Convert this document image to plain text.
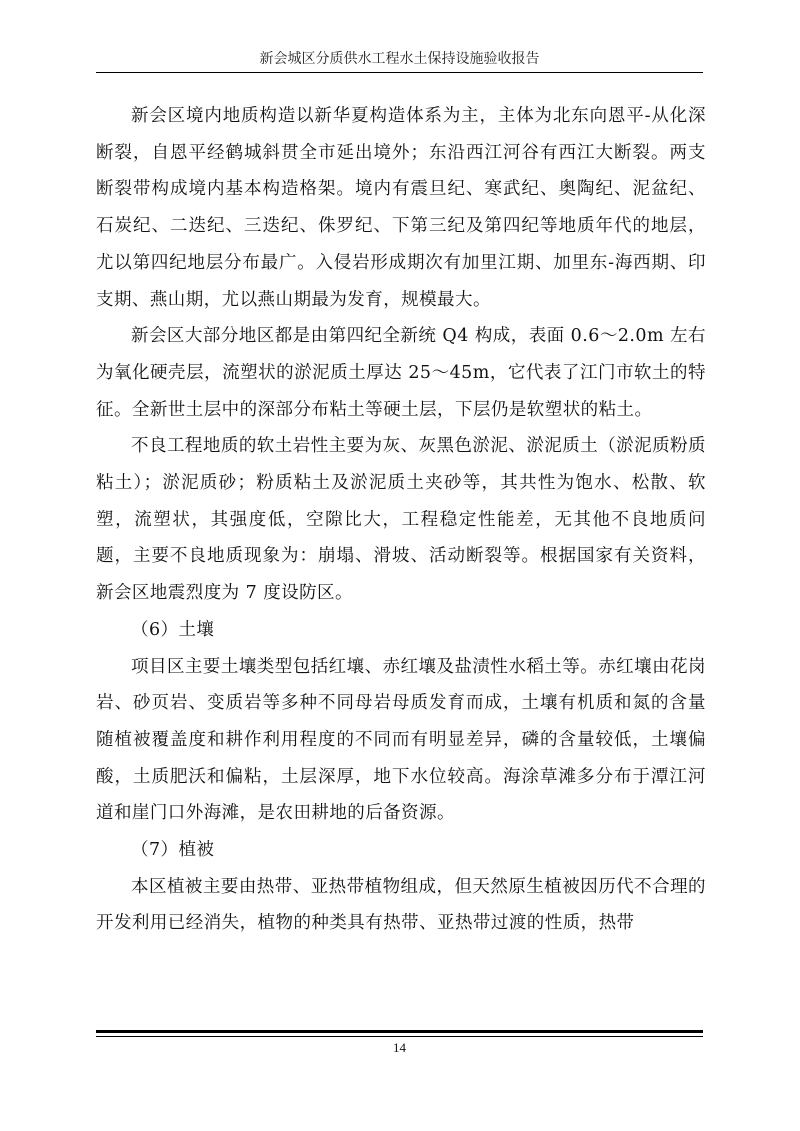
新会城区分质供水工程水土保持设施验收报告

新会区境内地质构造以新华夏构造体系为主，主体为北东向恩平-从化深断裂，自恩平经鹤城斜贯全市延出境外；东沿西江河谷有西江大断裂。两支断裂带构成境内基本构造格架。境内有震旦纪、寒武纪、奥陶纪、泥盆纪、石炭纪、二迭纪、三迭纪、侏罗纪、下第三纪及第四纪等地质年代的地层，尤以第四纪地层分布最广。入侵岩形成期次有加里江期、加里东-海西期、印支期、燕山期，尤以燕山期最为发育，规模最大。

新会区大部分地区都是由第四纪全新统 Q4 构成，表面 0.6～2.0m 左右为氧化硬壳层，流塑状的淤泥质土厚达 25～45m，它代表了江门市软土的特征。全新世土层中的深部分布粘土等硬土层，下层仍是软塑状的粘土。

不良工程地质的软土岩性主要为灰、灰黑色淤泥、淤泥质土（淤泥质粉质粘土）；淤泥质砂；粉质粘土及淤泥质土夹砂等，其共性为饱水、松散、软塑，流塑状，其强度低，空隙比大，工程稳定性能差，无其他不良地质问题，主要不良地质现象为：崩塌、滑坡、活动断裂等。根据国家有关资料，新会区地震烈度为 7 度设防区。

（6）土壤

项目区主要土壤类型包括红壤、赤红壤及盐渍性水稻土等。赤红壤由花岗岩、砂页岩、变质岩等多种不同母岩母质发育而成，土壤有机质和氮的含量随植被覆盖度和耕作利用程度的不同而有明显差异，磷的含量较低，土壤偏酸，土质肥沃和偏粘，土层深厚，地下水位较高。海涂草滩多分布于潭江河道和崖门口外海滩，是农田耕地的后备资源。

（7）植被

本区植被主要由热带、亚热带植物组成，但天然原生植被因历代不合理的开发利用已经消失，植物的种类具有热带、亚热带过渡的性质，热带

14
